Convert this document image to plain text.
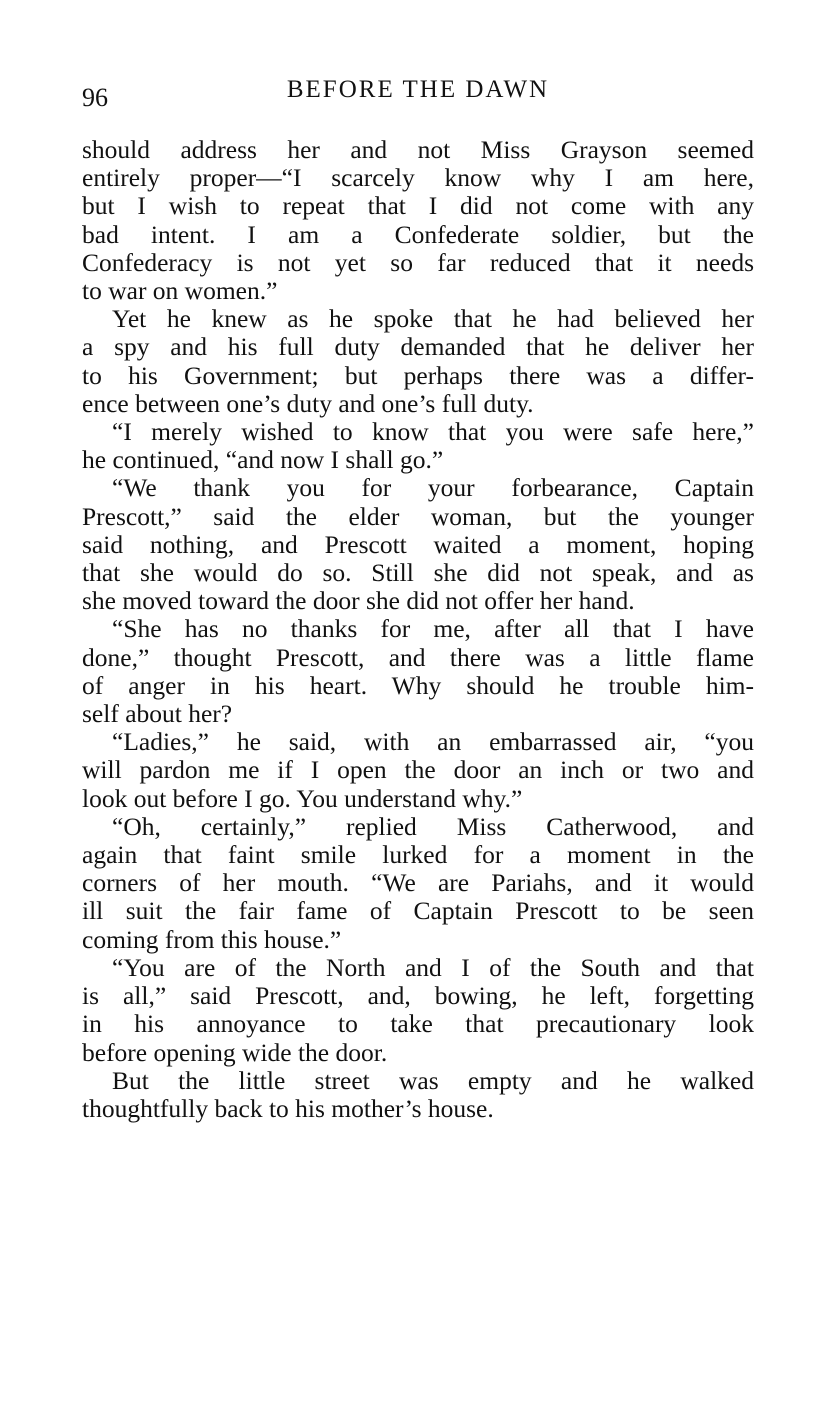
96	BEFORE THE DAWN
should address her and not Miss Grayson seemed
entirely proper—“I scarcely know why I am here,
but I wish to repeat that I did not come with any
bad intent. I am a Confederate soldier, but the
Confederacy is not yet so far reduced that it needs
to war on women.”
Yet he knew as he spoke that he had believed her
a spy and his full duty demanded that he deliver her
to his Government; but perhaps there was a differ-
ence between one’s duty and one’s full duty.
“I merely wished to know that you were safe here,”
he continued, “and now I shall go.”
“We thank you for your forbearance, Captain
Prescott,” said the elder woman, but the younger
said nothing, and Prescott waited a moment, hoping
that she would do so. Still she did not speak, and as
she moved toward the door she did not offer her hand.
“She has no thanks for me, after all that I have
done,” thought Prescott, and there was a little flame
of anger in his heart. Why should he trouble him-
self about her?
“Ladies,” he said, with an embarrassed air, “you
will pardon me if I open the door an inch or two and
look out before I go. You understand why.”
“Oh, certainly,” replied Miss Catherwood, and
again that faint smile lurked for a moment in the
corners of her mouth. “We are Pariahs, and it would
ill suit the fair fame of Captain Prescott to be seen
coming from this house.”
“You are of the North and I of the South and that
is all,” said Prescott, and, bowing, he left, forgetting
in his annoyance to take that precautionary look
before opening wide the door.
But the little street was empty and he walked
thoughtfully back to his mother’s house.
